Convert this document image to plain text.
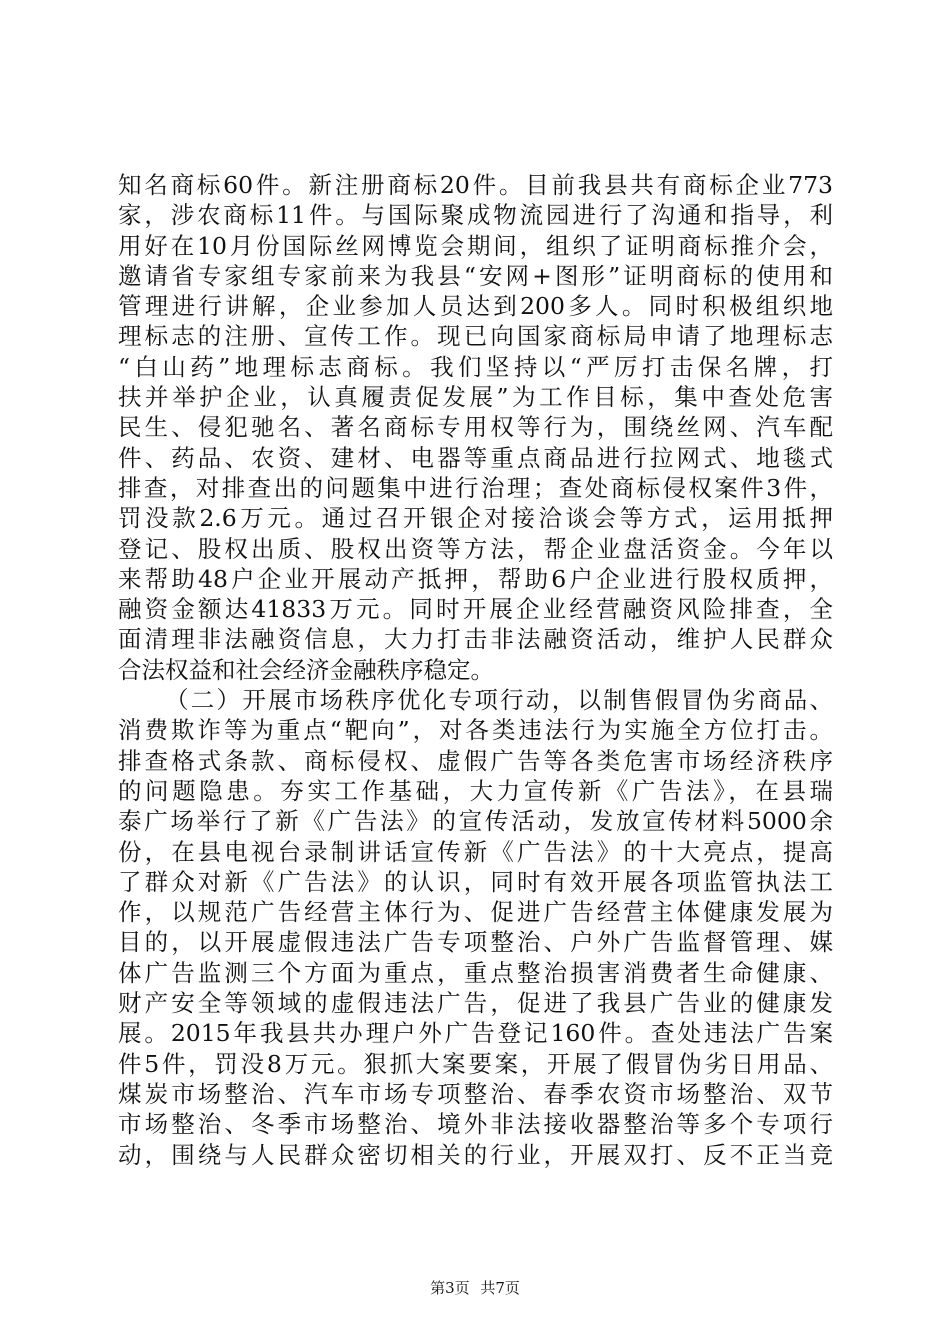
知名商标60件。新注册商标20件。目前我县共有商标企业773
家，涉农商标11件。与国际聚成物流园进行了沟通和指导，利
用好在10月份国际丝网博览会期间，组织了证明商标推介会，
邀请省专家组专家前来为我县“安网+图形”证明商标的使用和
管理进行讲解，企业参加人员达到200多人。同时积极组织地
理标志的注册、宣传工作。现已向国家商标局申请了地理标志
“白山药”地理标志商标。我们坚持以“严厉打击保名牌，打
扶并举护企业，认真履责促发展”为工作目标，集中查处危害
民生、侵犯驰名、著名商标专用权等行为，围绕丝网、汽车配
件、药品、农资、建材、电器等重点商品进行拉网式、地毯式
排查，对排查出的问题集中进行治理；查处商标侵权案件3件，
罚没款2.6万元。通过召开银企对接洽谈会等方式，运用抵押
登记、股权出质、股权出资等方法，帮企业盘活资金。今年以
来帮助48户企业开展动产抵押，帮助6户企业进行股权质押，
融资金额达41833万元。同时开展企业经营融资风险排查，全
面清理非法融资信息，大力打击非法融资活动，维护人民群众
合法权益和社会经济金融秩序稳定。
（二）开展市场秩序优化专项行动，以制售假冒伪劣商品、
消费欺诈等为重点“靶向”，对各类违法行为实施全方位打击。
排查格式条款、商标侵权、虚假广告等各类危害市场经济秩序
的问题隐患。夯实工作基础，大力宣传新《广告法》，在县瑞
泰广场举行了新《广告法》的宣传活动，发放宣传材料5000余
份，在县电视台录制讲话宣传新《广告法》的十大亮点，提高
了群众对新《广告法》的认识，同时有效开展各项监管执法工
作，以规范广告经营主体行为、促进广告经营主体健康发展为
目的，以开展虚假违法广告专项整治、户外广告监督管理、媒
体广告监测三个方面为重点，重点整治损害消费者生命健康、
财产安全等领域的虚假违法广告，促进了我县广告业的健康发
展。2015年我县共办理户外广告登记160件。查处违法广告案
件5件，罚没8万元。狠抓大案要案，开展了假冒伪劣日用品、
煤炭市场整治、汽车市场专项整治、春季农资市场整治、双节
市场整治、冬季市场整治、境外非法接收器整治等多个专项行
动，围绕与人民群众密切相关的行业，开展双打、反不正当竞
第3页 共7页
